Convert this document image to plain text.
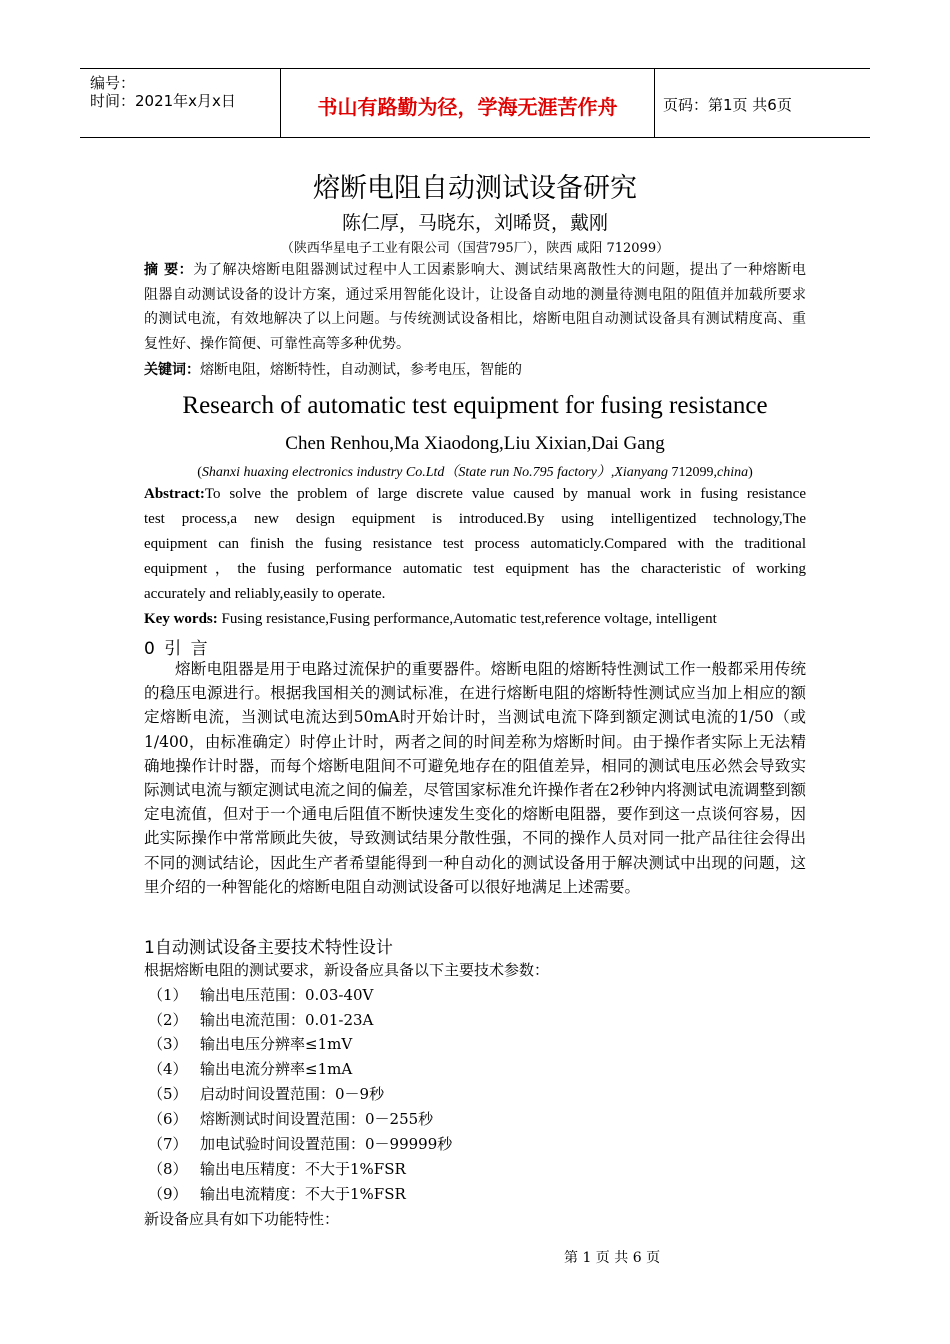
编号：
时间：2021年x月x日	书山有路勤为径，学海无涯苦作舟	页码：第1页 共6页
熔断电阻自动测试设备研究
陈仁厚，马晓东，刘晞贤，戴刚
（陕西华星电子工业有限公司（国营795厂），陕西 咸阳 712099）
摘 要：为了解决熔断电阻器测试过程中人工因素影响大、测试结果离散性大的问题，提出了一种熔断电
阻器自动测试设备的设计方案，通过采用智能化设计，让设备自动地的测量待测电阻的阻值并加载所要求
的测试电流，有效地解决了以上问题。与传统测试设备相比，熔断电阻自动测试设备具有测试精度高、重
复性好、操作简便、可靠性高等多种优势。
关键词：熔断电阻，熔断特性，自动测试，参考电压，智能的
Research of automatic test equipment for fusing resistance
Chen Renhou,Ma Xiaodong,Liu Xixian,Dai Gang
(Shanxi huaxing electronics industry Co.Ltd（State run No.795 factory）,Xianyang 712099,china)
Abstract:To solve the problem of large discrete value caused by manual work in fusing resistance
test process,a new design equipment is introduced.By using intelligentized technology,The
equipment can finish the fusing resistance test process automaticly.Compared with the traditional
equipment，the fusing performance automatic test equipment has the characteristic of working
accurately and reliably,easily to operate.
Key words: Fusing resistance,Fusing performance,Automatic test,reference voltage, intelligent
0 引 言
熔断电阻器是用于电路过流保护的重要器件。熔断电阻的熔断特性测试工作一般都采用传统的稳压电源进行。根据我国相关的测试标准，在进行熔断电阻的熔断特性测试应当加上相应的额定熔断电流，当测试电流达到50mA时开始计时，当测试电流下降到额定测试电流的1/50（或1/400，由标准确定）时停止计时，两者之间的时间差称为熔断时间。由于操作者实际上无法精确地操作计时器，而每个熔断电阻间不可避免地存在的阻值差异，相同的测试电压必然会导致实际测试电流与额定测试电流之间的偏差，尽管国家标准允许操作者在2秒钟内将测试电流调整到额定电流值，但对于一个通电后阻值不断快速发生变化的熔断电阻器，要作到这一点谈何容易，因此实际操作中常常顾此失彼，导致测试结果分散性强，不同的操作人员对同一批产品往往会得出不同的测试结论，因此生产者希望能得到一种自动化的测试设备用于解决测试中出现的问题，这里介绍的一种智能化的熔断电阻自动测试设备可以很好地满足上述需要。
1自动测试设备主要技术特性设计
根据熔断电阻的测试要求，新设备应具备以下主要技术参数：
（1） 输出电压范围：0.03-40V
（2） 输出电流范围：0.01-23A
（3） 输出电压分辨率≤1mV
（4） 输出电流分辨率≤1mA
（5） 启动时间设置范围：0－9秒
（6） 熔断测试时间设置范围：0－255秒
（7） 加电试验时间设置范围：0－99999秒
（8） 输出电压精度：不大于1%FSR
（9） 输出电流精度：不大于1%FSR
新设备应具有如下功能特性：
第 1 页 共 6 页
